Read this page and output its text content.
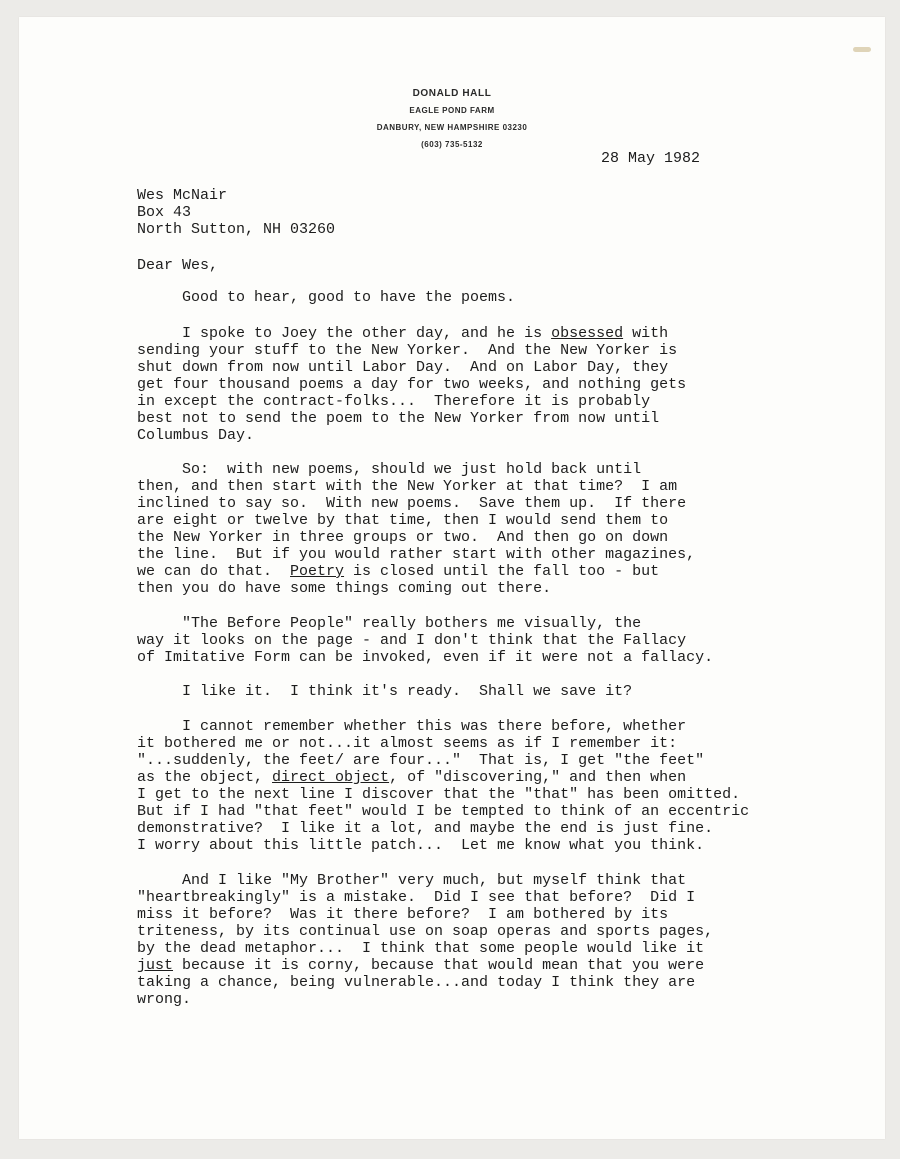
DONALD HALL
EAGLE POND FARM
DANBURY, NEW HAMPSHIRE 03230
(603) 735-5132
28 May 1982
Wes McNair
Box 43
North Sutton, NH 03260
Dear Wes,
Good to hear, good to have the poems.
I spoke to Joey the other day, and he is obsessed with
sending your stuff to the New Yorker.  And the New Yorker is
shut down from now until Labor Day.  And on Labor Day, they
get four thousand poems a day for two weeks, and nothing gets
in except the contract-folks...  Therefore it is probably
best not to send the poem to the New Yorker from now until
Columbus Day.
So:  with new poems, should we just hold back until
then, and then start with the New Yorker at that time?  I am
inclined to say so.  With new poems.  Save them up.  If there
are eight or twelve by that time, then I would send them to
the New Yorker in three groups or two.  And then go on down
the line.  But if you would rather start with other magazines,
we can do that.  Poetry is closed until the fall too - but
then you do have some things coming out there.
"The Before People" really bothers me visually, the
way it looks on the page - and I don't think that the Fallacy
of Imitative Form can be invoked, even if it were not a fallacy.
I like it.  I think it's ready.  Shall we save it?
I cannot remember whether this was there before, whether
it bothered me or not...it almost seems as if I remember it:
"...suddenly, the feet/ are four..."  That is, I get "the feet"
as the object, direct object, of "discovering," and then when
I get to the next line I discover that the "that" has been omitted.
But if I had "that feet" would I be tempted to think of an eccentric
demonstrative?  I like it a lot, and maybe the end is just fine.
I worry about this little patch...  Let me know what you think.
And I like "My Brother" very much, but myself think that
"heartbreakingly" is a mistake.  Did I see that before?  Did I
miss it before?  Was it there before?  I am bothered by its
triteness, by its continual use on soap operas and sports pages,
by the dead metaphor...  I think that some people would like it
just because it is corny, because that would mean that you were
taking a chance, being vulnerable...and today I think they are
wrong.
